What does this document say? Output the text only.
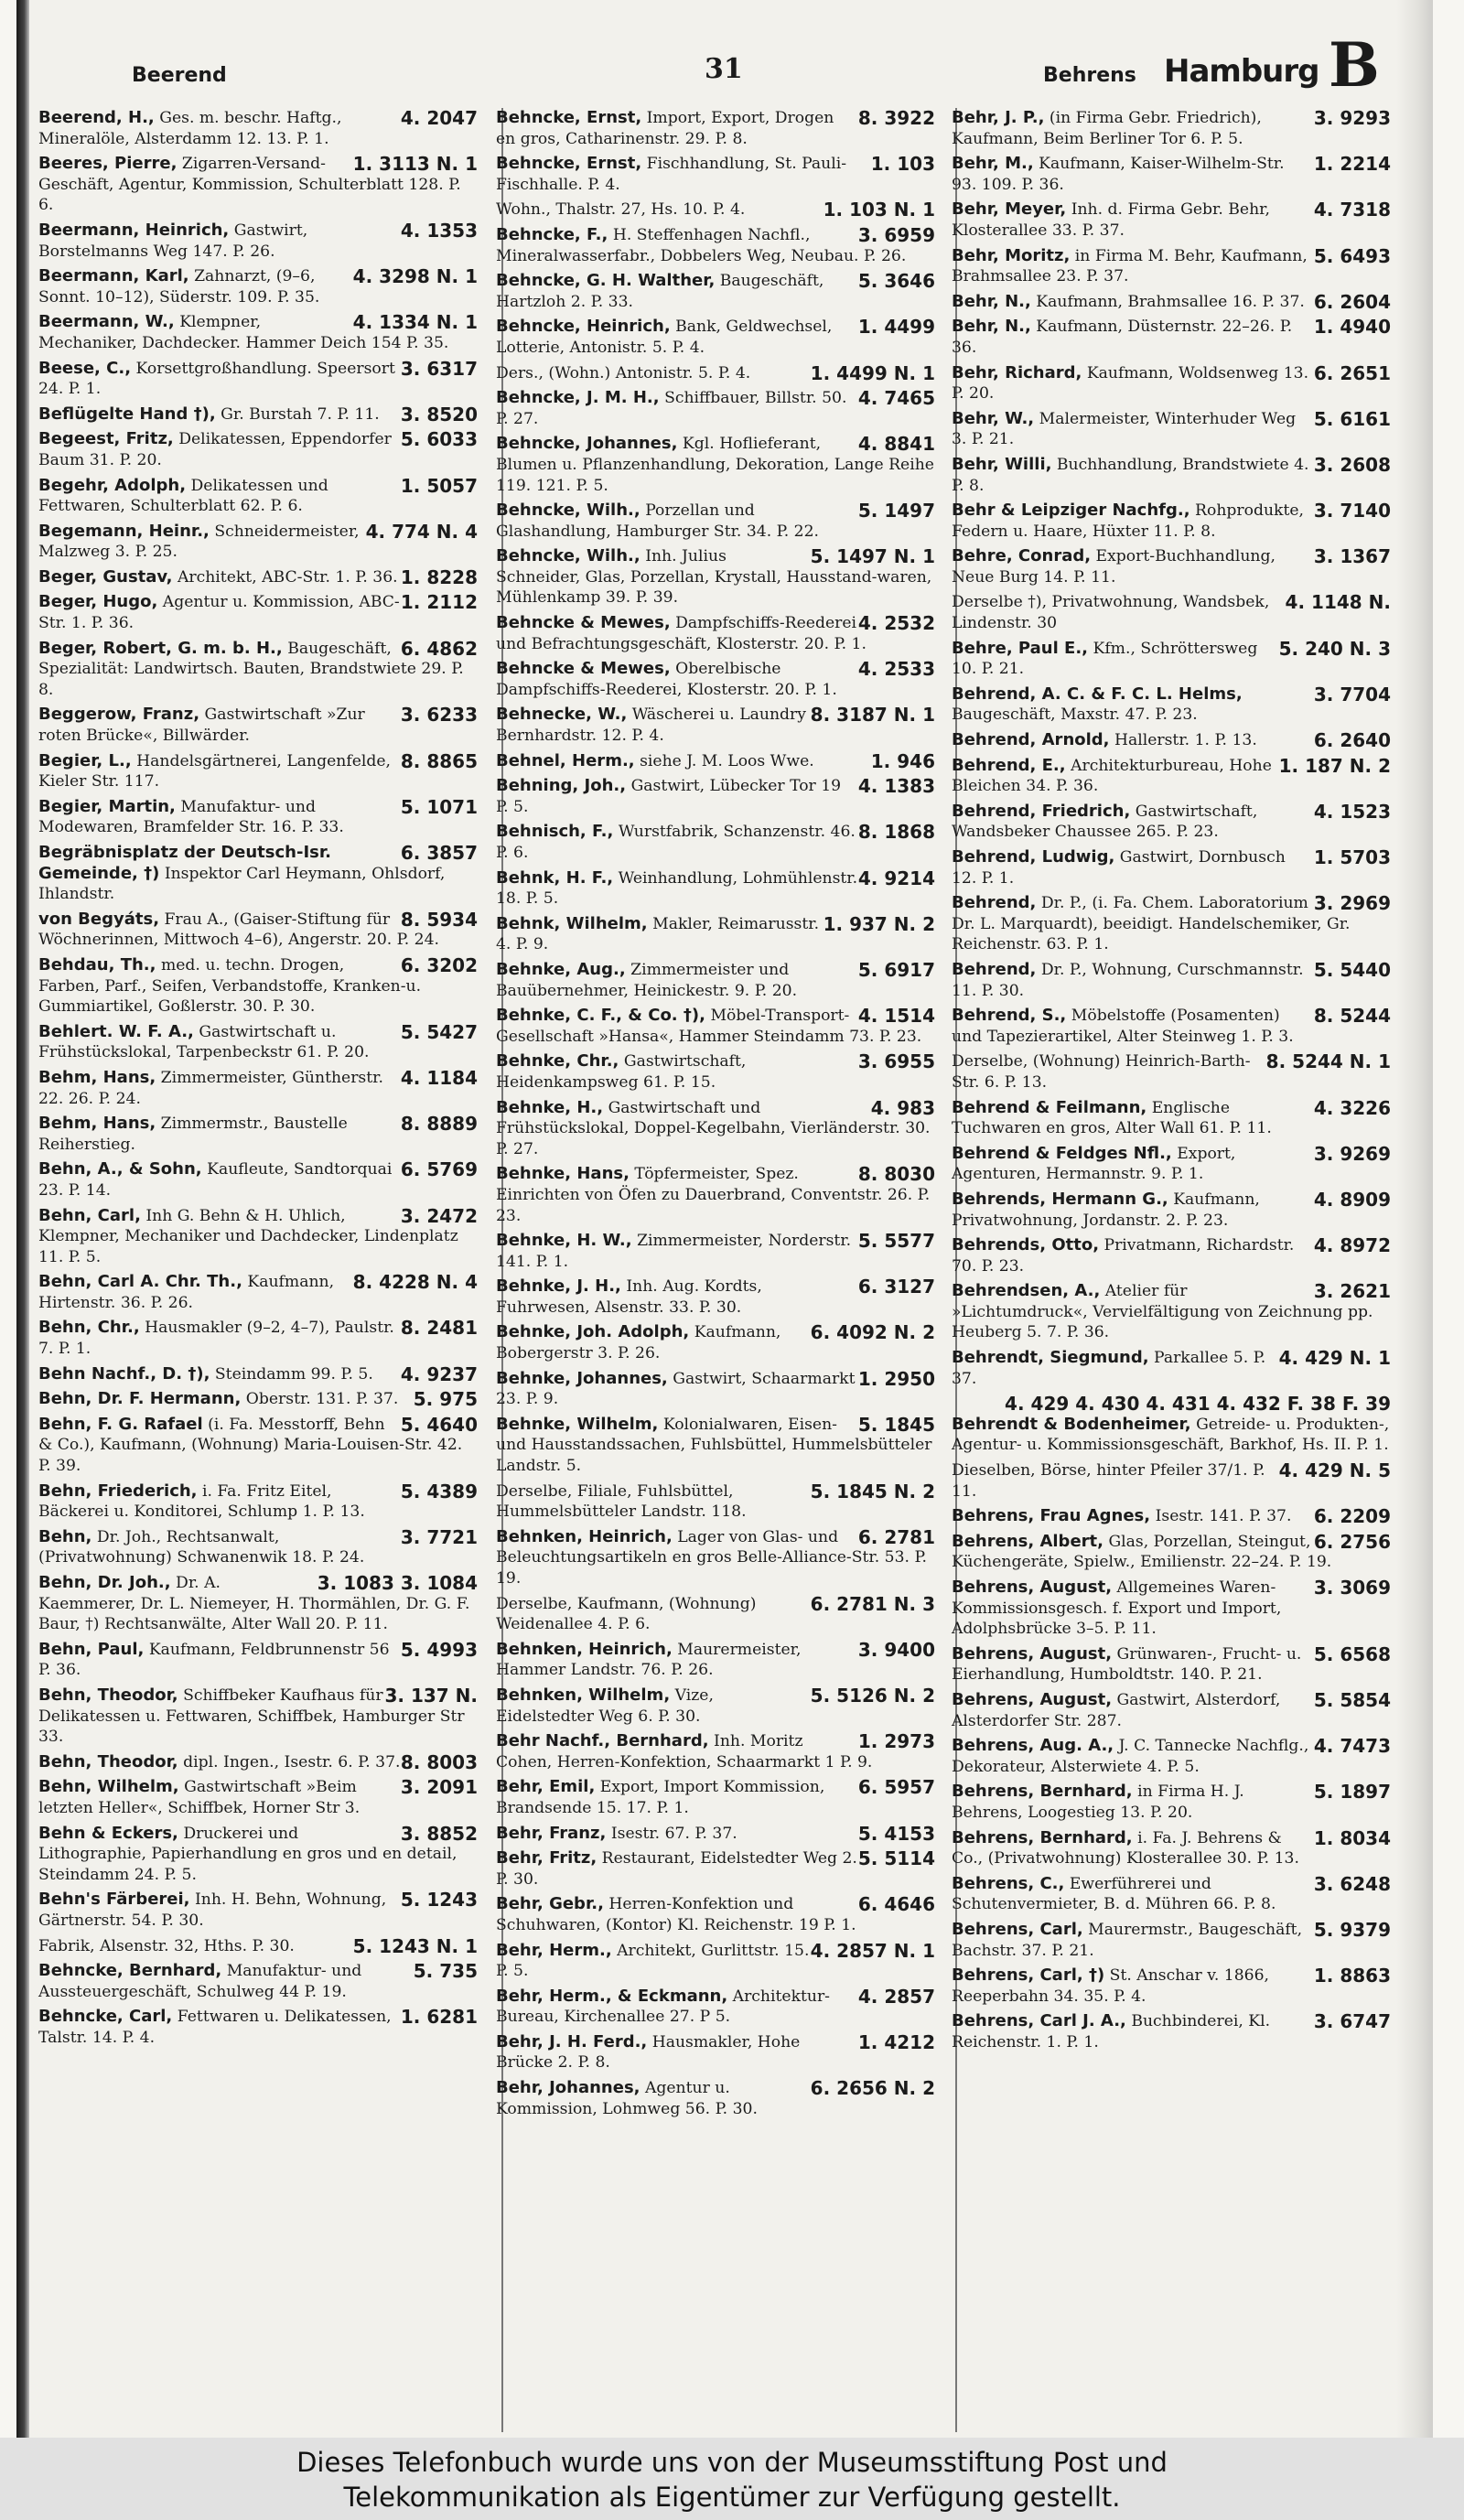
Beerend	31	Behrens Hamburg B
4. 2047
Beerend, H., Ges. m. beschr. Haftg., Mineralöle, Alsterdamm 12. 13. P. 1.
1. 3113 N. 1
Beeres, Pierre, Zigarren-Versand-Geschäft, Agentur, Kommission, Schulterblatt 128. P. 6.
4. 1353
Beermann, Heinrich, Gastwirt, Borstelmanns Weg 147. P. 26.
4. 3298 N. 1
Beermann, Karl, Zahnarzt, (9–6, Sonnt. 10–12), Süderstr. 109. P. 35.
4. 1334 N. 1
Beermann, W., Klempner, Mechaniker, Dachdecker. Hammer Deich 154 P. 35.
3. 6317
Beese, C., Korsettgroßhandlung. Speersort 24. P. 1.
3. 8520
Beflügelte Hand †), Gr. Burstah 7. P. 11.
5. 6033
Begeest, Fritz, Delikatessen, Eppendorfer Baum 31. P. 20.
1. 5057
Begehr, Adolph, Delikatessen und Fettwaren, Schulterblatt 62. P. 6.
4. 774 N. 4
Begemann, Heinr., Schneidermeister, Malzweg 3. P. 25.
1. 8228
Beger, Gustav, Architekt, ABC-Str. 1. P. 36.
1. 2112
Beger, Hugo, Agentur u. Kommission, ABC-Str. 1. P. 36.
6. 4862
Beger, Robert, G. m. b. H., Baugeschäft, Spezialität: Landwirtsch. Bauten, Brandstwiete 29. P. 8.
3. 6233
Beggerow, Franz, Gastwirtschaft »Zur roten Brücke«, Billwärder.
8. 8865
Begier, L., Handelsgärtnerei, Langenfelde, Kieler Str. 117.
5. 1071
Begier, Martin, Manufaktur- und Modewaren, Bramfelder Str. 16. P. 33.
6. 3857
Begräbnisplatz der Deutsch-Isr. Gemeinde, †) Inspektor Carl Heymann, Ohlsdorf, Ihlandstr.
8. 5934
von Begyáts, Frau A., (Gaiser-Stiftung für Wöchnerinnen, Mittwoch 4–6), Angerstr. 20. P. 24.
6. 3202
Behdau, Th., med. u. techn. Drogen, Farben, Parf., Seifen, Verbandstoffe, Kranken-u. Gummiartikel, Goßlerstr. 30. P. 30.
5. 5427
Behlert. W. F. A., Gastwirtschaft u. Frühstückslokal, Tarpenbeckstr 61. P. 20.
4. 1184
Behm, Hans, Zimmermeister, Güntherstr. 22. 26. P. 24.
8. 8889
Behm, Hans, Zimmermstr., Baustelle Reiherstieg.
6. 5769
Behn, A., & Sohn, Kaufleute, Sandtorquai 23. P. 14.
3. 2472
Behn, Carl, Inh G. Behn & H. Uhlich, Klempner, Mechaniker und Dachdecker, Lindenplatz 11. P. 5.
8. 4228 N. 4
Behn, Carl A. Chr. Th., Kaufmann, Hirtenstr. 36. P. 26.
8. 2481
Behn, Chr., Hausmakler (9–2, 4–7), Paulstr. 7. P. 1.
4. 9237
Behn Nachf., D. †), Steindamm 99. P. 5.
5. 975
Behn, Dr. F. Hermann, Oberstr. 131. P. 37.
5. 4640
Behn, F. G. Rafael (i. Fa. Messtorff, Behn & Co.), Kaufmann, (Wohnung) Maria-Louisen-Str. 42. P. 39.
5. 4389
Behn, Friederich, i. Fa. Fritz Eitel, Bäckerei u. Konditorei, Schlump 1. P. 13.
3. 7721
Behn, Dr. Joh., Rechtsanwalt, (Privatwohnung) Schwanenwik 18. P. 24.
3. 1083 3. 1084
Behn, Dr. Joh., Dr. A. Kaemmerer, Dr. L. Niemeyer, H. Thormählen, Dr. G. F. Baur, †) Rechtsanwälte, Alter Wall 20. P. 11.
5. 4993
Behn, Paul, Kaufmann, Feldbrunnenstr 56 P. 36.
3. 137 N.
Behn, Theodor, Schiffbeker Kaufhaus für Delikatessen u. Fettwaren, Schiffbek, Hamburger Str 33.
8. 8003
Behn, Theodor, dipl. Ingen., Isestr. 6. P. 37.
3. 2091
Behn, Wilhelm, Gastwirtschaft »Beim letzten Heller«, Schiffbek, Horner Str 3.
3. 8852
Behn & Eckers, Druckerei und Lithographie, Papierhandlung en gros und en detail, Steindamm 24. P. 5.
5. 1243
Behn's Färberei, Inh. H. Behn, Wohnung, Gärtnerstr. 54. P. 30.
5. 1243 N. 1
Fabrik, Alsenstr. 32, Hths. P. 30.
5. 735
Behncke, Bernhard, Manufaktur- und Aussteuergeschäft, Schulweg 44 P. 19.
1. 6281
Behncke, Carl, Fettwaren u. Delikatessen, Talstr. 14. P. 4.
8. 3922
Behncke, Ernst, Import, Export, Drogen en gros, Catharinenstr. 29. P. 8.
1. 103
Behncke, Ernst, Fischhandlung, St. Pauli-Fischhalle. P. 4.
1. 103 N. 1
Wohn., Thalstr. 27, Hs. 10. P. 4.
3. 6959
Behncke, F., H. Steffenhagen Nachfl., Mineralwasserfabr., Dobbelers Weg, Neubau. P. 26.
5. 3646
Behncke, G. H. Walther, Baugeschäft, Hartzloh 2. P. 33.
1. 4499
Behncke, Heinrich, Bank, Geldwechsel, Lotterie, Antonistr. 5. P. 4.
1. 4499 N. 1
Ders., (Wohn.) Antonistr. 5. P. 4.
4. 7465
Behncke, J. M. H., Schiffbauer, Billstr. 50. P. 27.
4. 8841
Behncke, Johannes, Kgl. Hoflieferant, Blumen u. Pflanzenhandlung, Dekoration, Lange Reihe 119. 121. P. 5.
5. 1497
Behncke, Wilh., Porzellan und Glashandlung, Hamburger Str. 34. P. 22.
5. 1497 N. 1
Behncke, Wilh., Inh. Julius Schneider, Glas, Porzellan, Krystall, Hausstand-waren, Mühlenkamp 39. P. 39.
4. 2532
Behncke & Mewes, Dampfschiffs-Reederei und Befrachtungsgeschäft, Klosterstr. 20. P. 1.
4. 2533
Behncke & Mewes, Oberelbische Dampfschiffs-Reederei, Klosterstr. 20. P. 1.
8. 3187 N. 1
Behnecke, W., Wäscherei u. Laundry Bernhardstr. 12. P. 4.
1. 946
Behnel, Herm., siehe J. M. Loos Wwe.
4. 1383
Behning, Joh., Gastwirt, Lübecker Tor 19 P. 5.
8. 1868
Behnisch, F., Wurstfabrik, Schanzenstr. 46. P. 6.
4. 9214
Behnk, H. F., Weinhandlung, Lohmühlenstr. 18. P. 5.
1. 937 N. 2
Behnk, Wilhelm, Makler, Reimarusstr. 4. P. 9.
5. 6917
Behnke, Aug., Zimmermeister und Bauübernehmer, Heinickestr. 9. P. 20.
4. 1514
Behnke, C. F., & Co. †), Möbel-Transport-Gesellschaft »Hansa«, Hammer Steindamm 73. P. 23.
3. 6955
Behnke, Chr., Gastwirtschaft, Heidenkampsweg 61. P. 15.
4. 983
Behnke, H., Gastwirtschaft und Frühstückslokal, Doppel-Kegelbahn, Vierländerstr. 30. P. 27.
8. 8030
Behnke, Hans, Töpfermeister, Spez. Einrichten von Öfen zu Dauerbrand, Conventstr. 26. P. 23.
5. 5577
Behnke, H. W., Zimmermeister, Norderstr. 141. P. 1.
6. 3127
Behnke, J. H., Inh. Aug. Kordts, Fuhrwesen, Alsenstr. 33. P. 30.
6. 4092 N. 2
Behnke, Joh. Adolph, Kaufmann, Bobergerstr 3. P. 26.
1. 2950
Behnke, Johannes, Gastwirt, Schaarmarkt 23. P. 9.
5. 1845
Behnke, Wilhelm, Kolonialwaren, Eisen- und Hausstandssachen, Fuhlsbüttel, Hummelsbütteler Landstr. 5.
5. 1845 N. 2
Derselbe, Filiale, Fuhlsbüttel, Hummelsbütteler Landstr. 118.
6. 2781
Behnken, Heinrich, Lager von Glas- und Beleuchtungsartikeln en gros Belle-Alliance-Str. 53. P. 19.
6. 2781 N. 3
Derselbe, Kaufmann, (Wohnung) Weidenallee 4. P. 6.
3. 9400
Behnken, Heinrich, Maurermeister, Hammer Landstr. 76. P. 26.
5. 5126 N. 2
Behnken, Wilhelm, Vize, Eidelstedter Weg 6. P. 30.
1. 2973
Behr Nachf., Bernhard, Inh. Moritz Cohen, Herren-Konfektion, Schaarmarkt 1 P. 9.
6. 5957
Behr, Emil, Export, Import Kommission, Brandsende 15. 17. P. 1.
5. 4153
Behr, Franz, Isestr. 67. P. 37.
5. 5114
Behr, Fritz, Restaurant, Eidelstedter Weg 2. P. 30.
6. 4646
Behr, Gebr., Herren-Konfektion und Schuhwaren, (Kontor) Kl. Reichenstr. 19 P. 1.
4. 2857 N. 1
Behr, Herm., Architekt, Gurlittstr. 15. P. 5.
4. 2857
Behr, Herm., & Eckmann, Architektur-Bureau, Kirchenallee 27. P 5.
1. 4212
Behr, J. H. Ferd., Hausmakler, Hohe Brücke 2. P. 8.
6. 2656 N. 2
Behr, Johannes, Agentur u. Kommission, Lohmweg 56. P. 30.
3. 9293
Behr, J. P., (in Firma Gebr. Friedrich), Kaufmann, Beim Berliner Tor 6. P. 5.
1. 2214
Behr, M., Kaufmann, Kaiser-Wilhelm-Str. 93. 109. P. 36.
4. 7318
Behr, Meyer, Inh. d. Firma Gebr. Behr, Klosterallee 33. P. 37.
5. 6493
Behr, Moritz, in Firma M. Behr, Kaufmann, Brahmsallee 23. P. 37.
6. 2604
Behr, N., Kaufmann, Brahmsallee 16. P. 37.
1. 4940
Behr, N., Kaufmann, Düsternstr. 22–26. P. 36.
6. 2651
Behr, Richard, Kaufmann, Woldsenweg 13. P. 20.
5. 6161
Behr, W., Malermeister, Winterhuder Weg 3. P. 21.
3. 2608
Behr, Willi, Buchhandlung, Brandstwiete 4. P. 8.
3. 7140
Behr & Leipziger Nachfg., Rohprodukte, Federn u. Haare, Hüxter 11. P. 8.
3. 1367
Behre, Conrad, Export-Buchhandlung, Neue Burg 14. P. 11.
4. 1148 N.
Derselbe †), Privatwohnung, Wandsbek, Lindenstr. 30
5. 240 N. 3
Behre, Paul E., Kfm., Schröttersweg 10. P. 21.
3. 7704
Behrend, A. C. & F. C. L. Helms, Baugeschäft, Maxstr. 47. P. 23.
6. 2640
Behrend, Arnold, Hallerstr. 1. P. 13.
1. 187 N. 2
Behrend, E., Architekturbureau, Hohe Bleichen 34. P. 36.
4. 1523
Behrend, Friedrich, Gastwirtschaft, Wandsbeker Chaussee 265. P. 23.
1. 5703
Behrend, Ludwig, Gastwirt, Dornbusch 12. P. 1.
3. 2969
Behrend, Dr. P., (i. Fa. Chem. Laboratorium Dr. L. Marquardt), beeidigt. Handelschemiker, Gr. Reichenstr. 63. P. 1.
5. 5440
Behrend, Dr. P., Wohnung, Curschmannstr. 11. P. 30.
8. 5244
Behrend, S., Möbelstoffe (Posamenten) und Tapezierartikel, Alter Steinweg 1. P. 3.
8. 5244 N. 1
Derselbe, (Wohnung) Heinrich-Barth-Str. 6. P. 13.
4. 3226
Behrend & Feilmann, Englische Tuchwaren en gros, Alter Wall 61. P. 11.
3. 9269
Behrend & Feldges Nfl., Export, Agenturen, Hermannstr. 9. P. 1.
4. 8909
Behrends, Hermann G., Kaufmann, Privatwohnung, Jordanstr. 2. P. 23.
4. 8972
Behrends, Otto, Privatmann, Richardstr. 70. P. 23.
3. 2621
Behrendsen, A., Atelier für »Lichtumdruck«, Vervielfältigung von Zeichnung pp. Heuberg 5. 7. P. 36.
4. 429 N. 1
Behrendt, Siegmund, Parkallee 5. P. 37.
4. 429 4. 430 4. 431 4. 432 F. 38 F. 39
Behrendt & Bodenheimer, Getreide- u. Produkten-, Agentur- u. Kommissionsgeschäft, Barkhof, Hs. II. P. 1.
4. 429 N. 5
Dieselben, Börse, hinter Pfeiler 37/1. P. 11.
6. 2209
Behrens, Frau Agnes, Isestr. 141. P. 37.
6. 2756
Behrens, Albert, Glas, Porzellan, Steingut, Küchengeräte, Spielw., Emilienstr. 22–24. P. 19.
3. 3069
Behrens, August, Allgemeines Waren-Kommissionsgesch. f. Export und Import, Adolphsbrücke 3–5. P. 11.
5. 6568
Behrens, August, Grünwaren-, Frucht- u. Eierhandlung, Humboldtstr. 140. P. 21.
5. 5854
Behrens, August, Gastwirt, Alsterdorf, Alsterdorfer Str. 287.
4. 7473
Behrens, Aug. A., J. C. Tannecke Nachflg., Dekorateur, Alsterwiete 4. P. 5.
5. 1897
Behrens, Bernhard, in Firma H. J. Behrens, Loogestieg 13. P. 20.
1. 8034
Behrens, Bernhard, i. Fa. J. Behrens & Co., (Privatwohnung) Klosterallee 30. P. 13.
3. 6248
Behrens, C., Ewerführerei und Schutenvermieter, B. d. Mühren 66. P. 8.
5. 9379
Behrens, Carl, Maurermstr., Baugeschäft, Bachstr. 37. P. 21.
1. 8863
Behrens, Carl, †) St. Anschar v. 1866, Reeperbahn 34. 35. P. 4.
3. 6747
Behrens, Carl J. A., Buchbinderei, Kl. Reichenstr. 1. P. 1.
Dieses Telefonbuch wurde uns von der Museumsstiftung Post und
Telekommunikation als Eigentümer zur Verfügung gestellt.
